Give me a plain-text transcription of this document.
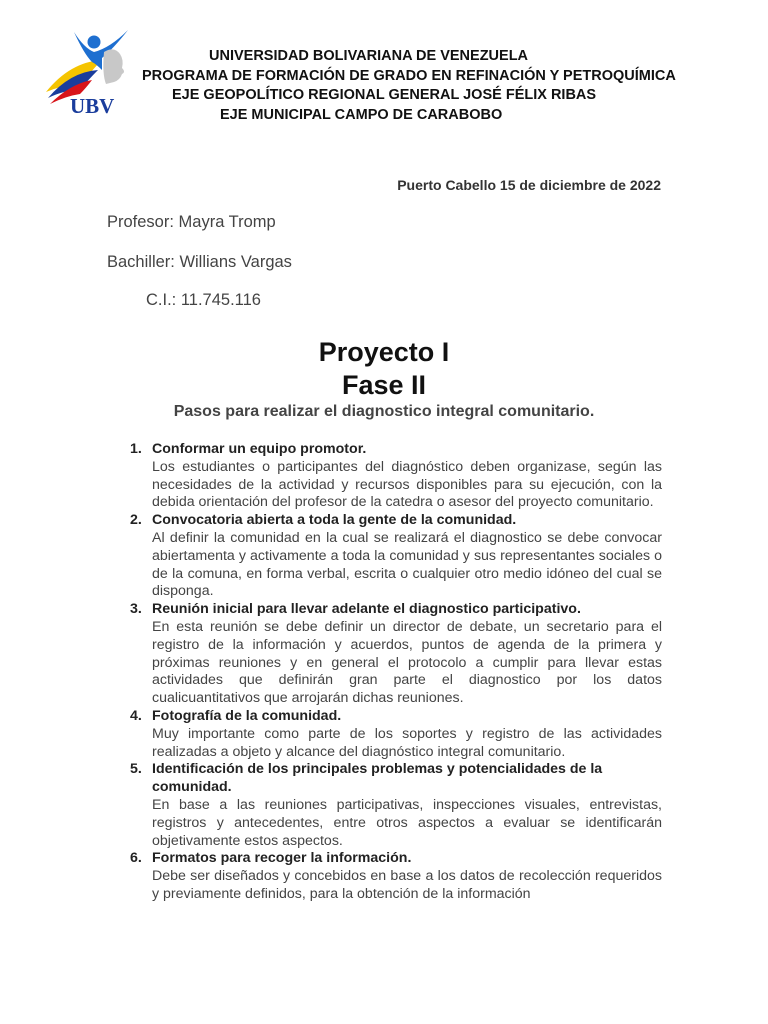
UBV
UNIVERSIDAD BOLIVARIANA DE VENEZUELA
PROGRAMA DE FORMACIÓN DE GRADO EN REFINACIÓN Y PETROQUÍMICA
EJE GEOPOLÍTICO REGIONAL GENERAL JOSÉ FÉLIX RIBAS
EJE MUNICIPAL CAMPO DE CARABOBO
Puerto Cabello 15 de diciembre de 2022
Profesor: Mayra Tromp
Bachiller: Willians Vargas
C.I.: 11.745.116
Proyecto I
Fase II
Pasos para realizar el diagnostico integral comunitario.
1. Conformar un equipo promotor.
Los estudiantes o participantes del diagnóstico deben organizase, según las necesidades de la actividad y recursos disponibles para su ejecución, con la debida orientación del profesor de la catedra o asesor del proyecto comunitario.
2. Convocatoria abierta a toda la gente de la comunidad.
Al definir la comunidad en la cual se realizará el diagnostico se debe convocar abiertamenta y activamente a toda la comunidad y sus representantes sociales o de la comuna, en forma verbal, escrita o cualquier otro medio idóneo del cual se disponga.
3. Reunión inicial para llevar adelante el diagnostico participativo.
En esta reunión se debe definir un director de debate, un secretario para el registro de la información y acuerdos, puntos de agenda de la primera y próximas reuniones y en general el protocolo a cumplir para llevar estas actividades que definirán gran parte el diagnostico por los datos cualicuantitativos que arrojarán dichas reuniones.
4. Fotografía de la comunidad.
Muy importante como parte de los soportes y registro de las actividades realizadas a objeto y alcance del diagnóstico integral comunitario.
5. Identificación de los principales problemas y potencialidades de la comunidad.
En base a las reuniones participativas, inspecciones visuales, entrevistas, registros y antecedentes, entre otros aspectos a evaluar se identificarán objetivamente estos aspectos.
6. Formatos para recoger la información.
Debe ser diseñados y concebidos en base a los datos de recolección requeridos y previamente definidos, para la obtención de la información
